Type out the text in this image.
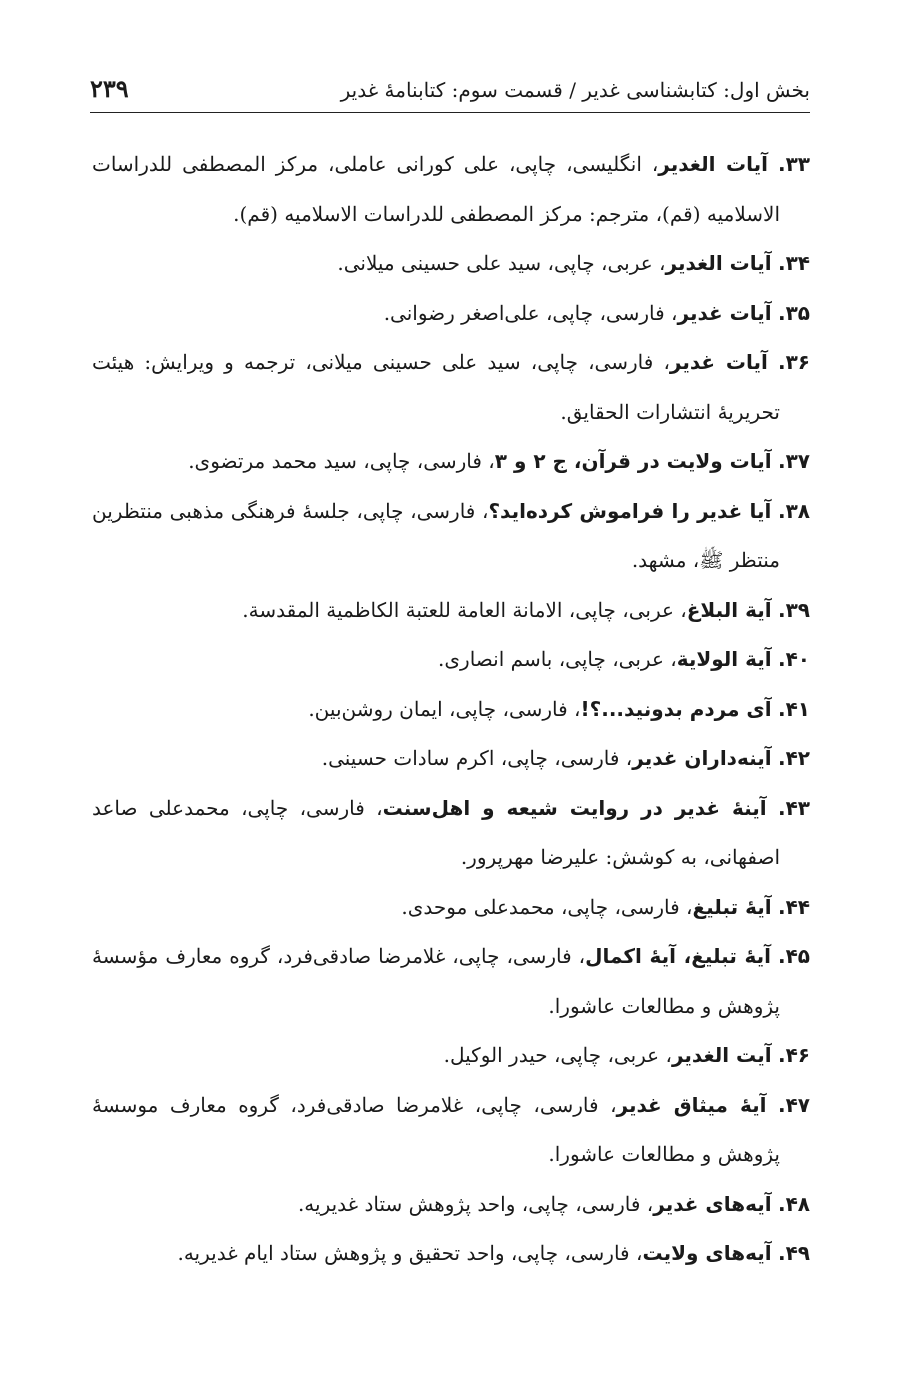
بخش اول: کتابشناسی غدیر / قسمت سوم: کتابنامۀ غدیر
۲۳۹
۳۳. آیات الغدیر، انگلیسی، چاپی، علی کورانی عاملی، مرکز المصطفی للدراسات الاسلامیه (قم)، مترجم: مرکز المصطفی للدراسات الاسلامیه (قم).
۳۴. آیات الغدیر، عربی، چاپی، سید علی حسینی میلانی.
۳۵. آیات غدیر، فارسی، چاپی، علی‌اصغر رضوانی.
۳۶. آیات غدیر، فارسی، چاپی، سید علی حسینی میلانی، ترجمه و ویرایش: هیئت تحریریۀ انتشارات الحقایق.
۳۷. آیات ولایت در قرآن، ج ۲ و ۳، فارسی، چاپی، سید محمد مرتضوی.
۳۸. آیا غدیر را فراموش کرده‌اید؟، فارسی، چاپی، جلسۀ فرهنگی مذهبی منتظرین منتظر ﷺ، مشهد.
۳۹. آیة البلاغ، عربی، چاپی، الامانة العامة للعتبة الکاظمیة المقدسة.
۴۰. آیة الولایة، عربی، چاپی، باسم انصاری.
۴۱. آی مردم بدونید...؟!، فارسی، چاپی، ایمان روشن‌بین.
۴۲. آینه‌داران غدیر، فارسی، چاپی، اکرم سادات حسینی.
۴۳. آینۀ غدیر در روایت شیعه و اهل‌سنت، فارسی، چاپی، محمدعلی صاعد اصفهانی، به کوشش: علیرضا مهرپرور.
۴۴. آیۀ تبلیغ، فارسی، چاپی، محمدعلی موحدی.
۴۵. آیۀ تبلیغ، آیۀ اکمال، فارسی، چاپی، غلامرضا صادقی‌فرد، گروه معارف مؤسسۀ پژوهش و مطالعات عاشورا.
۴۶. آیت الغدیر، عربی، چاپی، حیدر الوکیل.
۴۷. آیۀ میثاق غدیر، فارسی، چاپی، غلامرضا صادقی‌فرد، گروه معارف موسسۀ پژوهش و مطالعات عاشورا.
۴۸. آیه‌های غدیر، فارسی، چاپی، واحد پژوهش ستاد غدیریه.
۴۹. آیه‌های ولایت، فارسی، چاپی، واحد تحقیق و پژوهش ستاد ایام غدیریه.
